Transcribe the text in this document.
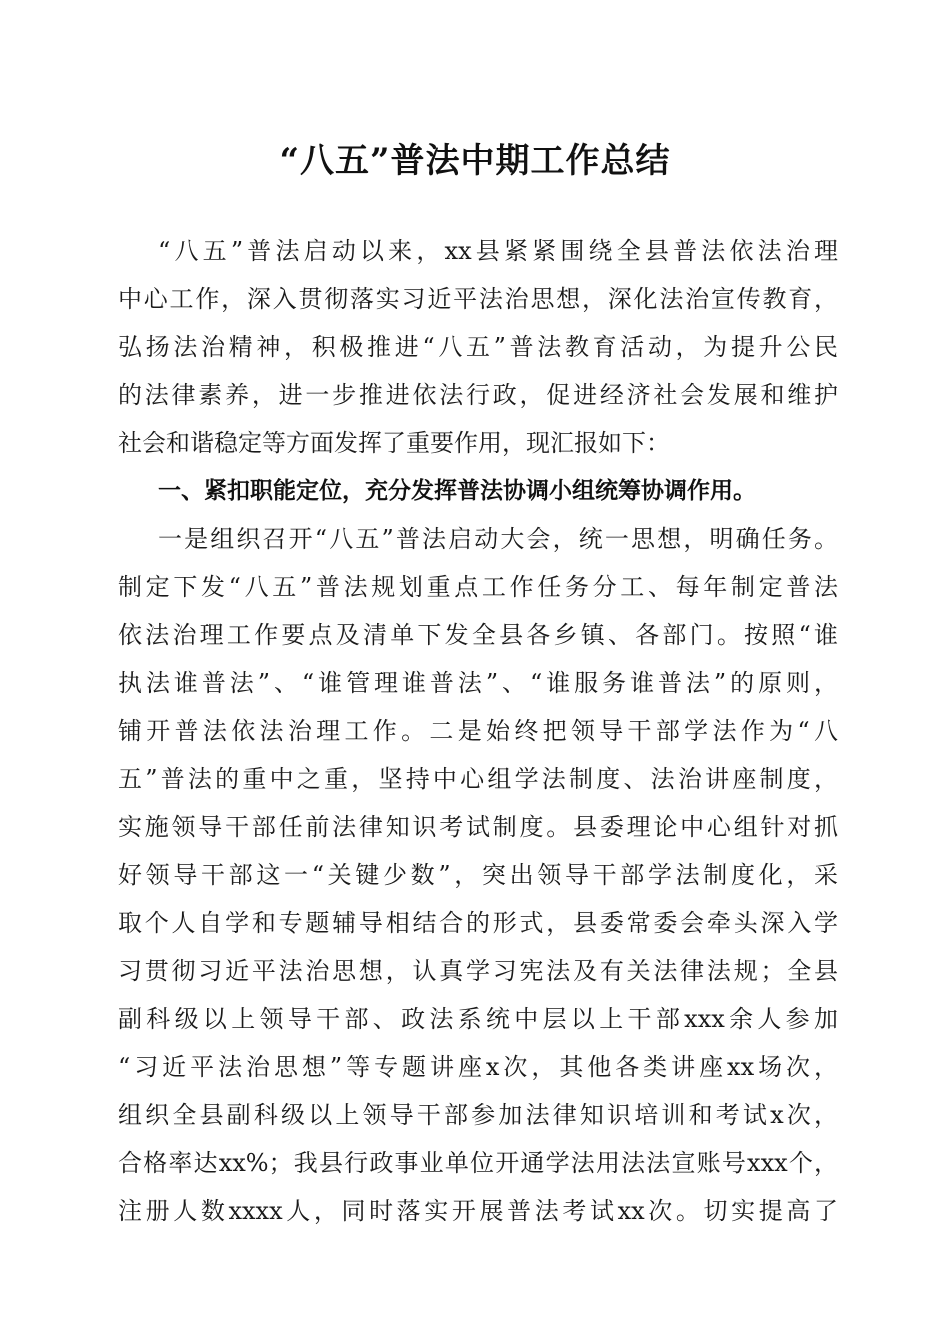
“八五”普法中期工作总结
“八五”普法启动以来，xx县紧紧围绕全县普法依法治理
中心工作，深入贯彻落实习近平法治思想，深化法治宣传教育，
弘扬法治精神，积极推进“八五”普法教育活动，为提升公民
的法律素养，进一步推进依法行政，促进经济社会发展和维护
社会和谐稳定等方面发挥了重要作用，现汇报如下：
一、紧扣职能定位，充分发挥普法协调小组统筹协调作用。
一是组织召开“八五”普法启动大会，统一思想，明确任务。
制定下发“八五”普法规划重点工作任务分工、每年制定普法
依法治理工作要点及清单下发全县各乡镇、各部门。按照“谁
执法谁普法”、“谁管理谁普法”、“谁服务谁普法”的原则，
铺开普法依法治理工作。二是始终把领导干部学法作为“八
五”普法的重中之重，坚持中心组学法制度、法治讲座制度，
实施领导干部任前法律知识考试制度。县委理论中心组针对抓
好领导干部这一“关键少数”，突出领导干部学法制度化，采
取个人自学和专题辅导相结合的形式，县委常委会牵头深入学
习贯彻习近平法治思想，认真学习宪法及有关法律法规；全县
副科级以上领导干部、政法系统中层以上干部xxx余人参加
“习近平法治思想”等专题讲座x次，其他各类讲座xx场次，
组织全县副科级以上领导干部参加法律知识培训和考试x次，
合格率达xx%；我县行政事业单位开通学法用法法宣账号xxx个，
注册人数xxxx人，同时落实开展普法考试xx次。切实提高了
